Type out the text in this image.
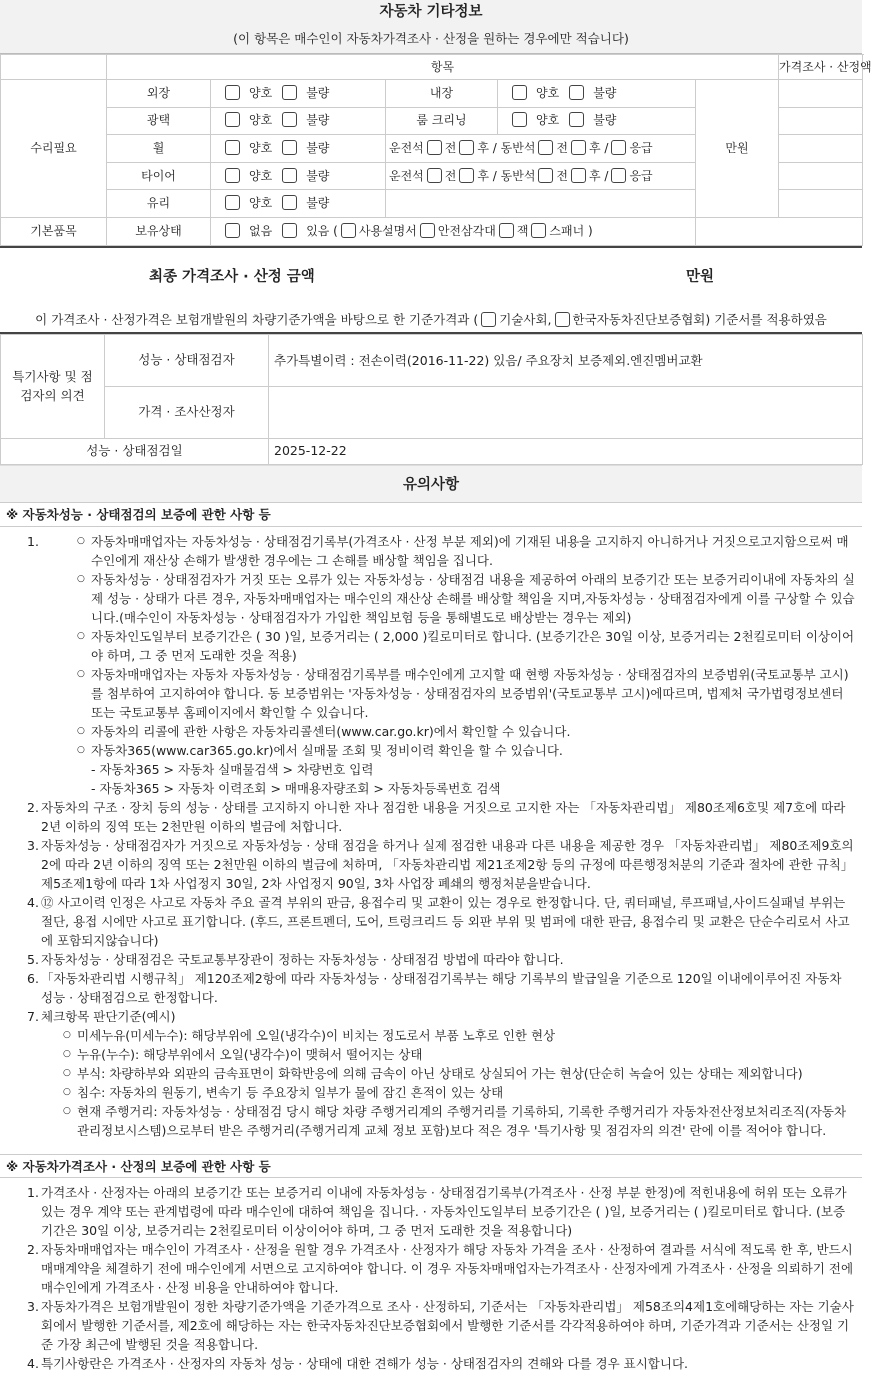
자동차 기타정보
(이 항목은 매수인이 자동차가격조사 · 산정을 원하는 경우에만 적습니다)
	항목					가격조사 · 산정액
수리필요	외장	양호 불량	내장	양호 불량	만원	
	광택	양호 불량	룸 크리닝	양호 불량		
	휠	양호 불량	운전석 전 후 / 동반석 전 후 / 응급			
	타이어	양호 불량	운전석 전 후 / 동반석 전 후 / 응급			
	유리	양호 불량				
기본품목	보유상태	없음 있음 ( 사용설명서 안전삼각대 잭 스패너 )				
최종 가격조사 · 산정 금액	만원
이 가격조사 · 산정가격은 보험개발원의 차량기준가액을 바탕으로 한 기준가격과 ( 기술사회, 한국자동차진단보증협회) 기준서를 적용하였음
특기사항 및 점검자의 의견	성능 · 상태점검자	추가특별이력 : 전손이력(2016-11-22) 있음/ 주요장치 보증제외.엔진멤버교환
	가격 · 조사산정자	
성능 · 상태점검일		2025-12-22
유의사항
※ 자동차성능 · 상태점검의 보증에 관한 사항 등
1.	○ 자동차매매업자는 자동차성능 · 상태점검기록부(가격조사 · 산정 부분 제외)에 기재된 내용을 고지하지 아니하거나 거짓으로고지함으로써 매수인에게 재산상 손해가 발생한 경우에는 그 손해를 배상할 책임을 집니다.
○ 자동차성능 · 상태점검자가 거짓 또는 오류가 있는 자동차성능 · 상태점검 내용을 제공하여 아래의 보증기간 또는 보증거리이내에 자동차의 실제 성능 · 상태가 다른 경우, 자동차매매업자는 매수인의 재산상 손해를 배상할 책임을 지며,자동차성능 · 상태점검자에게 이를 구상할 수 있습니다.(매수인이 자동차성능 · 상태점검자가 가입한 책임보험 등을 통해별도로 배상받는 경우는 제외)
○ 자동차인도일부터 보증기간은 ( 30 )일, 보증거리는 ( 2,000 )킬로미터로 합니다. (보증기간은 30일 이상, 보증거리는 2천킬로미터 이상이어야 하며, 그 중 먼저 도래한 것을 적용)
○ 자동차매매업자는 자동차 자동차성능 · 상태점검기록부를 매수인에게 고지할 때 현행 자동차성능 · 상태점검자의 보증범위(국토교통부 고시)를 첨부하여 고지하여야 합니다. 동 보증범위는 '자동차성능 · 상태점검자의 보증범위'(국토교통부 고시)에따르며, 법제처 국가법령정보센터 또는 국토교통부 홈페이지에서 확인할 수 있습니다.
○ 자동차의 리콜에 관한 사항은 자동차리콜센터(www.car.go.kr)에서 확인할 수 있습니다.
○ 자동차365(www.car365.go.kr)에서 실매물 조회 및 정비이력 확인을 할 수 있습니다.
- 자동차365 > 자동차 실매물검색 > 차량번호 입력
- 자동차365 > 자동차 이력조회 > 매매용자량조회 > 자동차등록번호 검색
자동차의 구조 · 장치 등의 성능 · 상태를 고지하지 아니한 자나 점검한 내용을 거짓으로 고지한 자는 「자동차관리법」 제80조제6호및 제7호에 따라 2년 이하의 징역 또는 2천만원 이하의 벌금에 처합니다.
자동차성능 · 상태점검자가 거짓으로 자동차성능 · 상태 점검을 하거나 실제 점검한 내용과 다른 내용을 제공한 경우 「자동차관리법」 제80조제9호의2에 따라 2년 이하의 징역 또는 2천만원 이하의 벌금에 처하며, 「자동차관리법 제21조제2항 등의 규정에 따른행정처분의 기준과 절차에 관한 규칙」 제5조제1항에 따라 1차 사업정지 30일, 2차 사업정지 90일, 3차 사업장 폐쇄의 행정처분을받습니다.
⑫ 사고이력 인정은 사고로 자동차 주요 골격 부위의 판금, 용접수리 및 교환이 있는 경우로 한정합니다. 단, 쿼터패널, 루프패널,사이드실패널 부위는 절단, 용접 시에만 사고로 표기합니다. (후드, 프론트펜더, 도어, 트렁크리드 등 외판 부위 및 범퍼에 대한 판금, 용접수리 및 교환은 단순수리로서 사고에 포함되지않습니다)
자동차성능 · 상태점검은 국토교통부장관이 정하는 자동차성능 · 상태점검 방법에 따라야 합니다.
「자동차관리법 시행규칙」 제120조제2항에 따라 자동차성능 · 상태점검기록부는 해당 기록부의 발급일을 기준으로 120일 이내에이루어진 자동차 성능 · 상태점검으로 한정합니다.
체크항목 판단기준(예시)
○ 미세누유(미세누수): 해당부위에 오일(냉각수)이 비치는 정도로서 부품 노후로 인한 현상
○ 누유(누수): 해당부위에서 오일(냉각수)이 맺혀서 떨어지는 상태
○ 부식: 차량하부와 외판의 금속표면이 화학반응에 의해 금속이 아닌 상태로 상실되어 가는 현상(단순히 녹슬어 있는 상태는 제외합니다)
○ 침수: 자동차의 원동기, 변속기 등 주요장치 일부가 물에 잠긴 흔적이 있는 상태
○ 현재 주행거리: 자동차성능 · 상태점검 당시 해당 차량 주행거리계의 주행거리를 기록하되, 기록한 주행거리가 자동차전산정보처리조직(자동차관리정보시스템)으로부터 받은 주행거리(주행거리계 교체 정보 포함)보다 적은 경우 '특기사항 및 점검자의 의견' 란에 이를 적어야 합니다.
※ 자동차가격조사 · 산정의 보증에 관한 사항 등
가격조사 · 산정자는 아래의 보증기간 또는 보증거리 이내에 자동차성능 · 상태점검기록부(가격조사 · 산정 부분 한정)에 적힌내용에 허위 또는 오류가 있는 경우 계약 또는 관계법령에 따라 매수인에 대하여 책임을 집니다. · 자동차인도일부터 보증기간은 ( )일, 보증거리는 ( )킬로미터로 합니다. (보증기간은 30일 이상, 보증거리는 2천킬로미터 이상이어야 하며, 그 중 먼저 도래한 것을 적용합니다)
자동차매매업자는 매수인이 가격조사 · 산정을 원할 경우 가격조사 · 산정자가 해당 자동차 가격을 조사 · 산정하여 결과를 서식에 적도록 한 후, 반드시 매매계약을 체결하기 전에 매수인에게 서면으로 고지하여야 합니다. 이 경우 자동차매매업자는가격조사 · 산정자에게 가격조사 · 산정을 의뢰하기 전에 매수인에게 가격조사 · 산정 비용을 안내하여야 합니다.
자동차가격은 보험개발원이 정한 차량기준가액을 기준가격으로 조사 · 산정하되, 기준서는 「자동차관리법」 제58조의4제1호에해당하는 자는 기술사회에서 발행한 기준서를, 제2호에 해당하는 자는 한국자동차진단보증협회에서 발행한 기준서를 각각적용하여야 하며, 기준가격과 기준서는 산정일 기준 가장 최근에 발행된 것을 적용합니다.
특기사항란은 가격조사 · 산정자의 자동차 성능 · 상태에 대한 견해가 성능 · 상태점검자의 견해와 다를 경우 표시합니다.
